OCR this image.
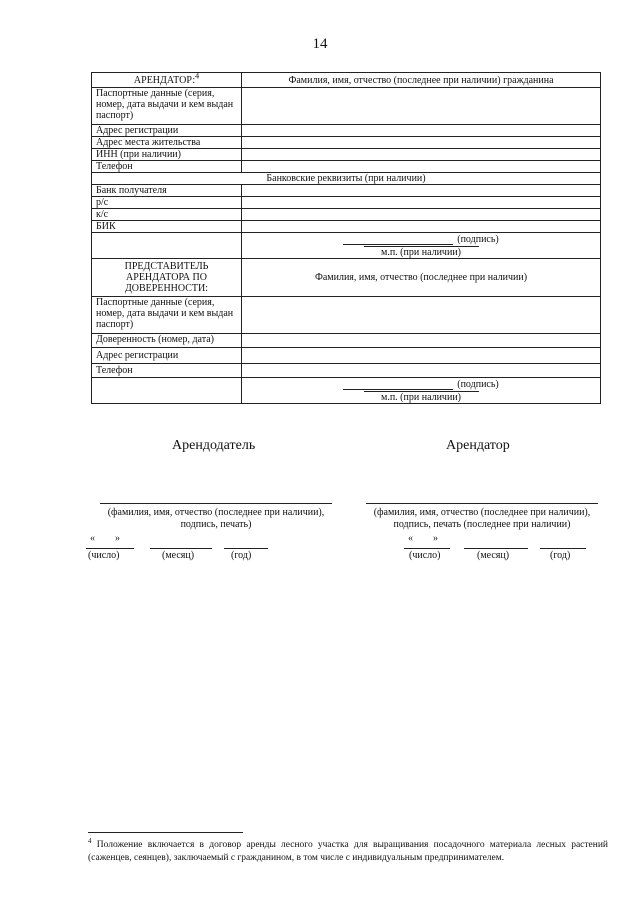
14
АРЕНДАТОР:$^4$	Фамилия, имя, отчество (последнее при наличии) гражданина
Паспортные данные (серия, номер, дата выдачи и кем выдан паспорт)	
Адрес регистрации	
Адрес места жительства	
ИНН (при наличии)	
Телефон	
Банковские реквизиты (при наличии)	
Банк получателя	
р/с	
к/с	
БИК	

	(подпись)
м.п. (при наличии)

ПРЕДСТАВИТЕЛЬ АРЕНДАТОРА ПО ДОВЕРЕННОСТИ:	Фамилия, имя, отчество (последнее при наличии)
Паспортные данные (серия, номер, дата выдачи и кем выдан паспорт)	
Доверенность (номер, дата)	
Адрес регистрации	
Телефон	

	(подпись)
м.п. (при наличии)
Арендодатель
(фамилия, имя, отчество (последнее при наличии), подпись, печать)
« »
(число)	(месяц)	(год)
Арендатор
(фамилия, имя, отчество (последнее при наличии), подпись, печать (последнее при наличии)
« »
(число)	(месяц)	(год)
$^4$ Положение включается в договор аренды лесного участка для выращивания посадочного материала лесных растений (саженцев, сеянцев), заключаемый с гражданином, в том числе с индивидуальным предпринимателем.
